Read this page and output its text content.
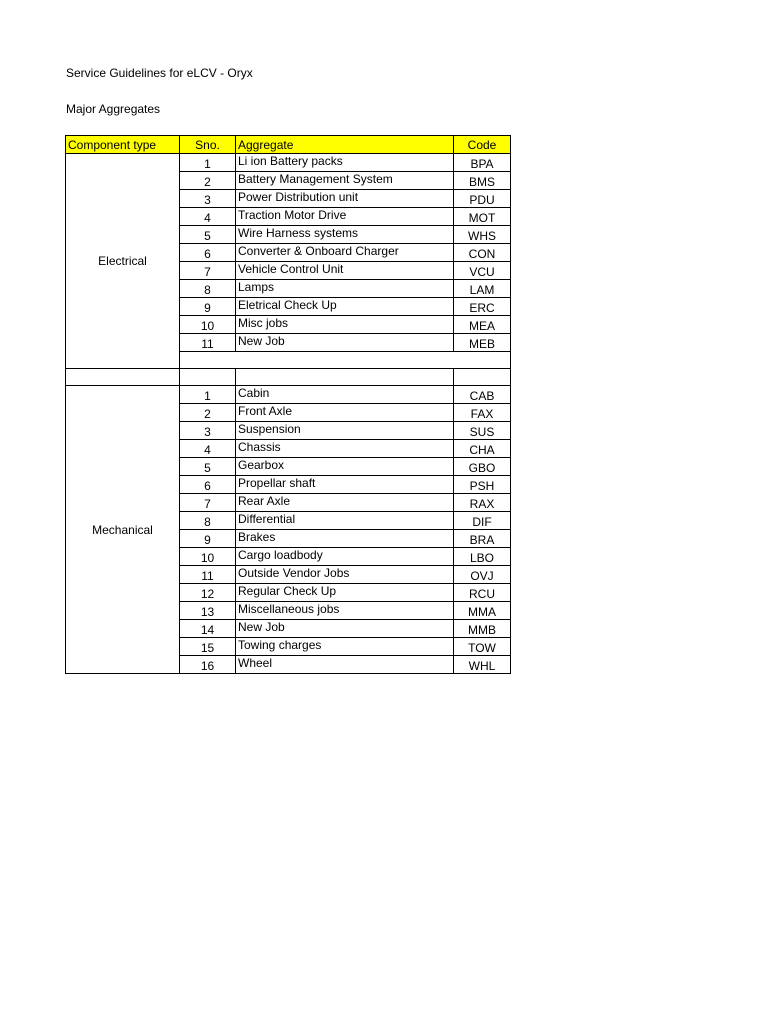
Service Guidelines for eLCV - Oryx
Major Aggregates
Component type	Sno.	Aggregate	Code
Electrical	1	Li ion Battery packs	BPA
	2	Battery Management System	BMS
	3	Power Distribution unit	PDU
	4	Traction Motor Drive	MOT
	5	Wire Harness systems	WHS
	6	Converter & Onboard Charger	CON
	7	Vehicle Control Unit	VCU
	8	Lamps	LAM
	9	Eletrical Check Up	ERC
	10	Misc jobs	MEA
	11	New Job	MEB

Mechanical	1	Cabin	CAB
	2	Front Axle	FAX
	3	Suspension	SUS
	4	Chassis	CHA
	5	Gearbox	GBO
	6	Propellar shaft	PSH
	7	Rear Axle	RAX
	8	Differential	DIF
	9	Brakes	BRA
	10	Cargo loadbody	LBO
	11	Outside Vendor Jobs	OVJ
	12	Regular Check Up	RCU
	13	Miscellaneous jobs	MMA
	14	New Job	MMB
	15	Towing charges	TOW
	16	Wheel	WHL
